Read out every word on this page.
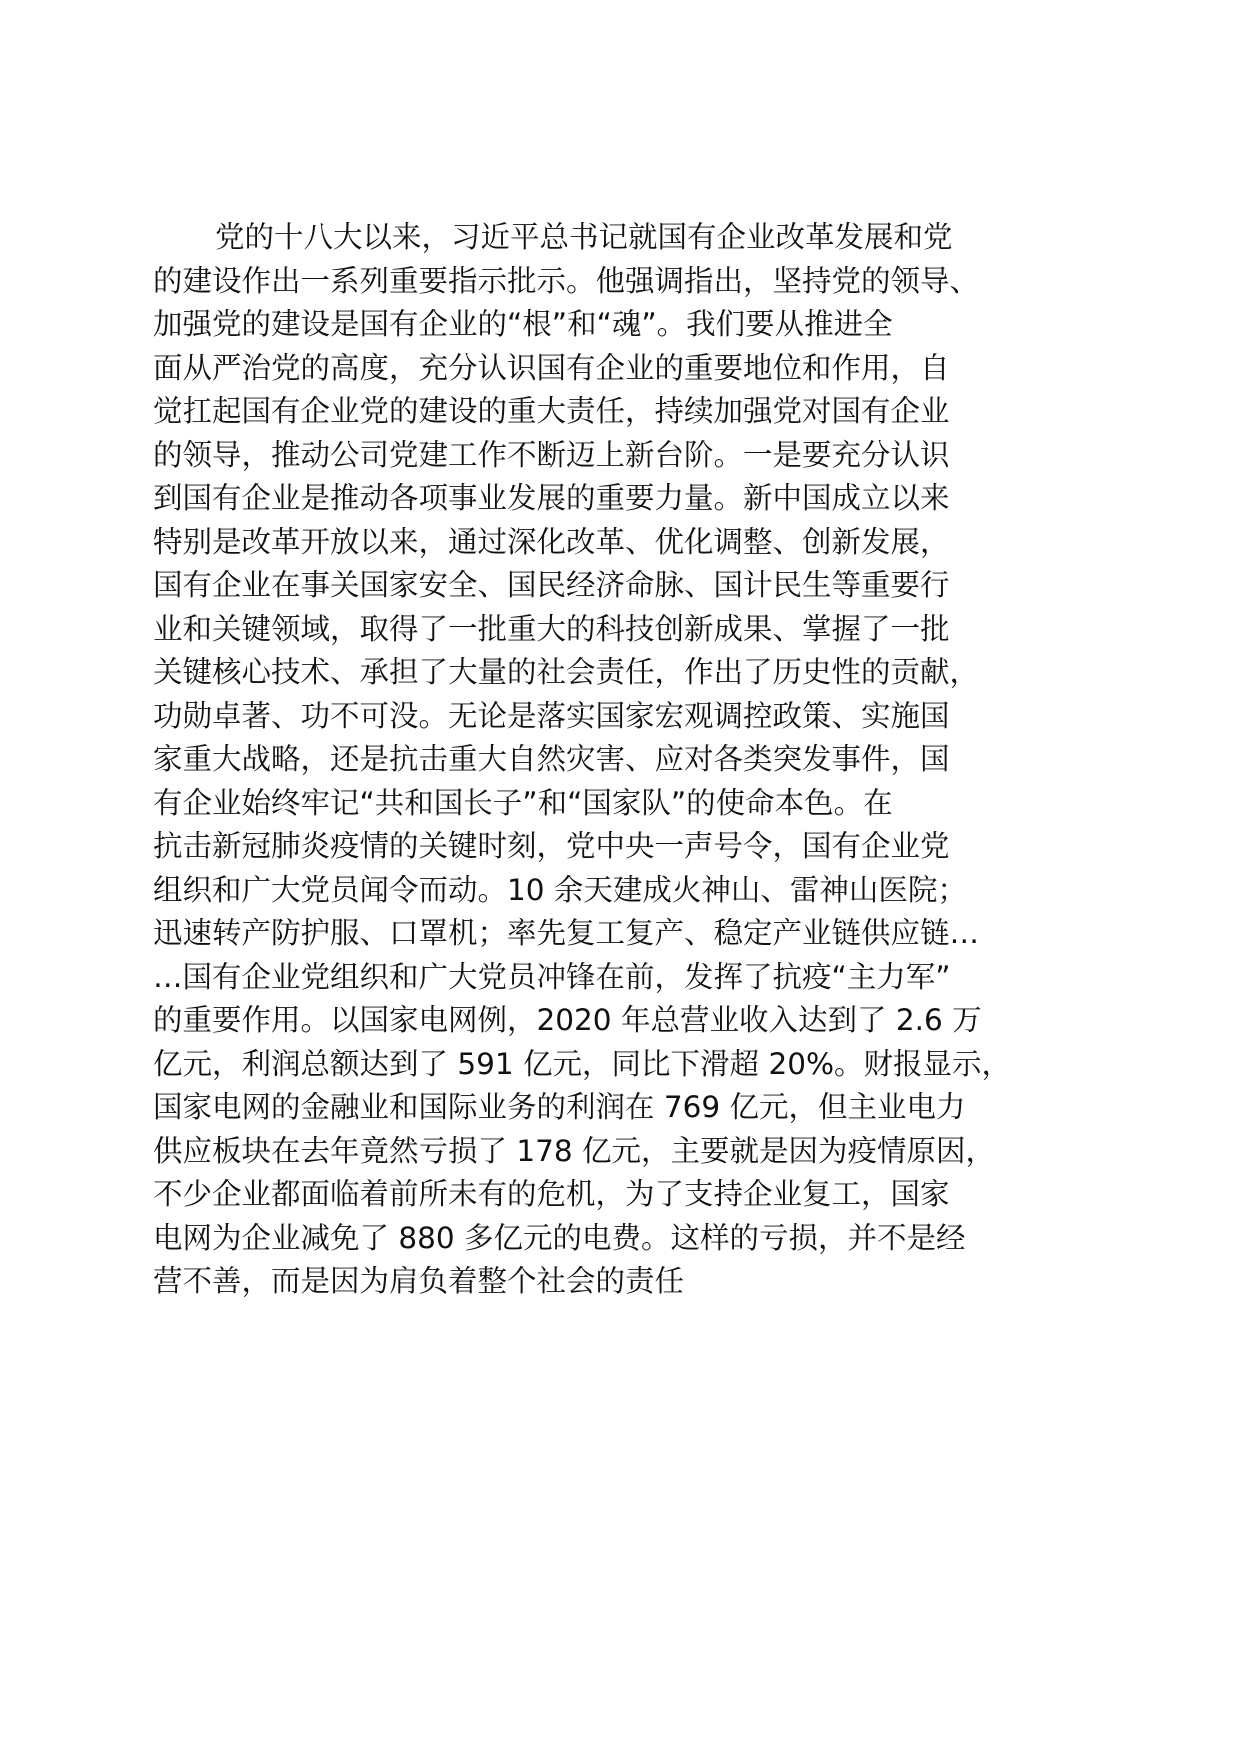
党的十八大以来，习近平总书记就国有企业改革发展和党
的建设作出一系列重要指示批示。他强调指出，坚持党的领导、
加强党的建设是国有企业的“根”和“魂”。我们要从推进全
面从严治党的高度，充分认识国有企业的重要地位和作用，自
觉扛起国有企业党的建设的重大责任，持续加强党对国有企业
的领导，推动公司党建工作不断迈上新台阶。一是要充分认识
到国有企业是推动各项事业发展的重要力量。新中国成立以来
特别是改革开放以来，通过深化改革、优化调整、创新发展，
国有企业在事关国家安全、国民经济命脉、国计民生等重要行
业和关键领域，取得了一批重大的科技创新成果、掌握了一批
关键核心技术、承担了大量的社会责任，作出了历史性的贡献，
功勋卓著、功不可没。无论是落实国家宏观调控政策、实施国
家重大战略，还是抗击重大自然灾害、应对各类突发事件，国
有企业始终牢记“共和国长子”和“国家队”的使命本色。在
抗击新冠肺炎疫情的关键时刻，党中央一声号令，国有企业党
组织和广大党员闻令而动。10 余天建成火神山、雷神山医院；
迅速转产防护服、口罩机；率先复工复产、稳定产业链供应链…
…国有企业党组织和广大党员冲锋在前，发挥了抗疫“主力军”
的重要作用。以国家电网例，2020 年总营业收入达到了 2.6 万
亿元，利润总额达到了 591 亿元，同比下滑超 20%。财报显示，
国家电网的金融业和国际业务的利润在 769 亿元，但主业电力
供应板块在去年竟然亏损了 178 亿元，主要就是因为疫情原因，
不少企业都面临着前所未有的危机，为了支持企业复工，国家
电网为企业减免了 880 多亿元的电费。这样的亏损，并不是经
营不善，而是因为肩负着整个社会的责任
